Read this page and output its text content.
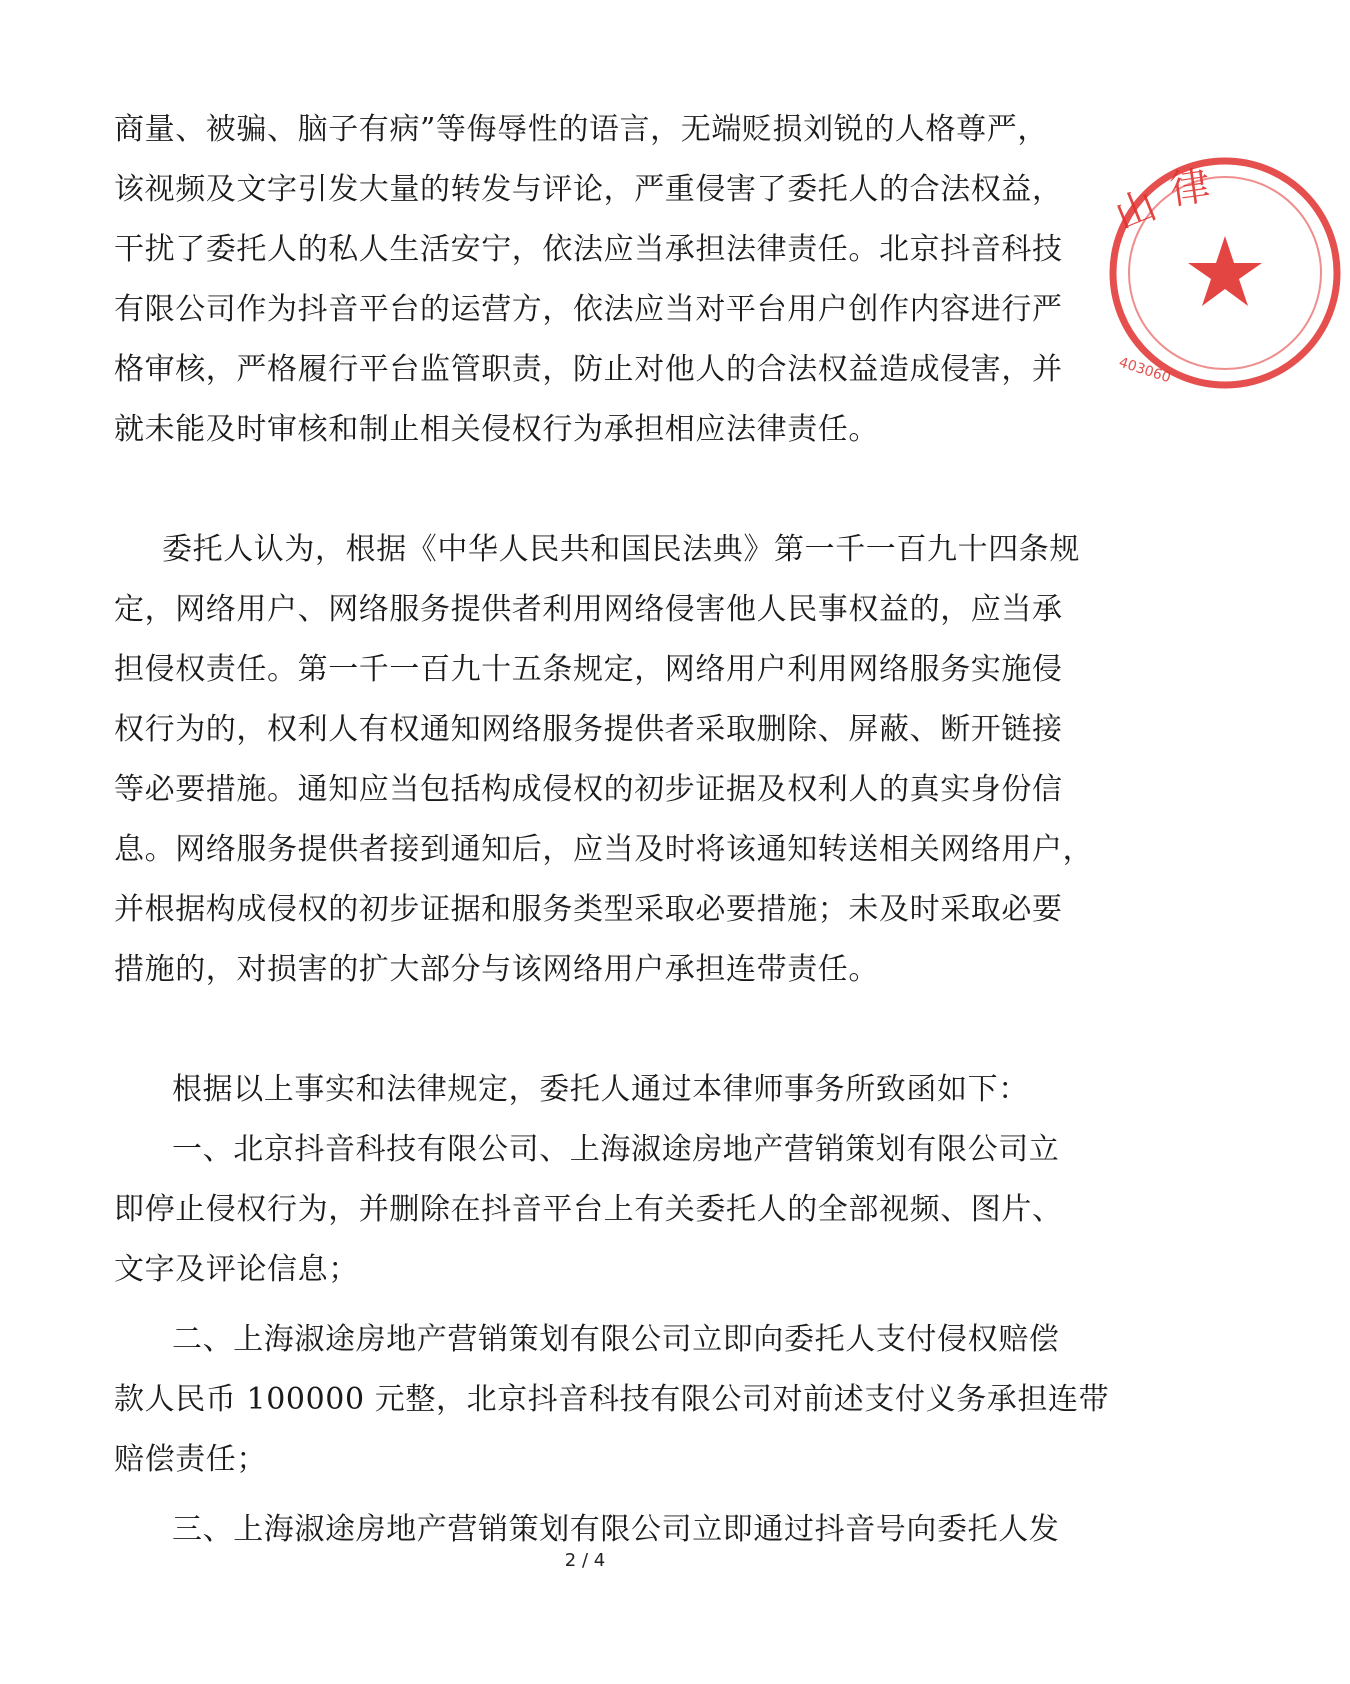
商量、被骗、脑子有病”等侮辱性的语言，无端贬损刘锐的人格尊严，
该视频及文字引发大量的转发与评论，严重侵害了委托人的合法权益，
干扰了委托人的私人生活安宁，依法应当承担法律责任。北京抖音科技
有限公司作为抖音平台的运营方，依法应当对平台用户创作内容进行严
格审核，严格履行平台监管职责，防止对他人的合法权益造成侵害，并
就未能及时审核和制止相关侵权行为承担相应法律责任。
委托人认为，根据《中华人民共和国民法典》第一千一百九十四条规
定，网络用户、网络服务提供者利用网络侵害他人民事权益的，应当承
担侵权责任。第一千一百九十五条规定，网络用户利用网络服务实施侵
权行为的，权利人有权通知网络服务提供者采取删除、屏蔽、断开链接
等必要措施。通知应当包括构成侵权的初步证据及权利人的真实身份信
息。网络服务提供者接到通知后，应当及时将该通知转送相关网络用户，
并根据构成侵权的初步证据和服务类型采取必要措施；未及时采取必要
措施的，对损害的扩大部分与该网络用户承担连带责任。
根据以上事实和法律规定，委托人通过本律师事务所致函如下：
一、北京抖音科技有限公司、上海淑途房地产营销策划有限公司立
即停止侵权行为，并删除在抖音平台上有关委托人的全部视频、图片、
文字及评论信息；
二、上海淑途房地产营销策划有限公司立即向委托人支付侵权赔偿
款人民币 100000 元整，北京抖音科技有限公司对前述支付义务承担连带
赔偿责任；
三、上海淑途房地产营销策划有限公司立即通过抖音号向委托人发
2 / 4
山 律
403060
